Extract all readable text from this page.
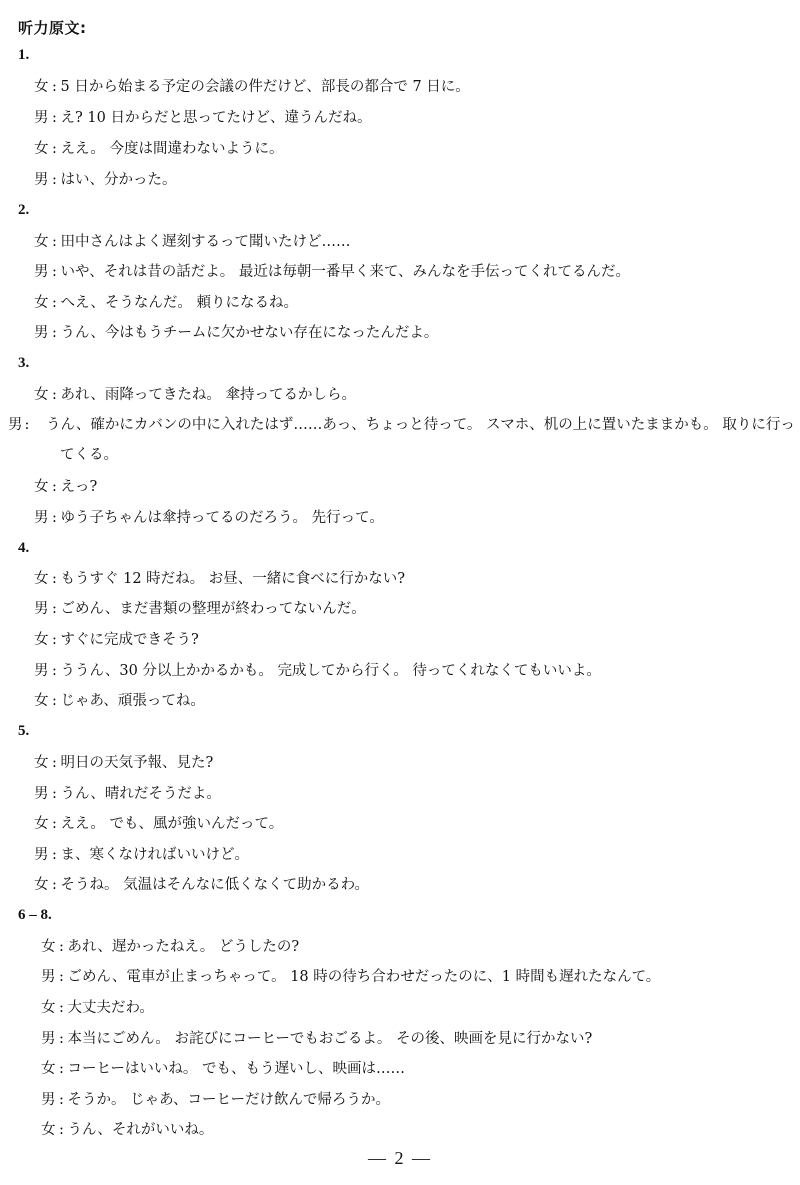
听力原文:
1.
女 : 5 日から始まる予定の会議の件だけど、部長の都合で 7 日に。
男 : え? 10 日からだと思ってたけど、違うんだね。
女 : ええ。 今度は間違わないように。
男 : はい、分かった。
2.
女 : 田中さんはよく遅刻するって聞いたけど……
男 : いや、それは昔の話だよ。 最近は毎朝一番早く来て、みんなを手伝ってくれてるんだ。
女 : へえ、そうなんだ。 頼りになるね。
男 : うん、今はもうチームに欠かせない存在になったんだよ。
3.
女 : あれ、雨降ってきたね。 傘持ってるかしら。
男 : うん、確かにカバンの中に入れたはず……あっ、ちょっと待って。 スマホ、机の上に置いたままかも。 取りに行ってくる。
女 : えっ?
男 : ゆう子ちゃんは傘持ってるのだろう。 先行って。
4.
女 : もうすぐ 12 時だね。 お昼、一緒に食べに行かない?
男 : ごめん、まだ書類の整理が終わってないんだ。
女 : すぐに完成できそう?
男 : ううん、30 分以上かかるかも。 完成してから行く。 待ってくれなくてもいいよ。
女 : じゃあ、頑張ってね。
5.
女 : 明日の天気予報、見た?
男 : うん、晴れだそうだよ。
女 : ええ。 でも、風が強いんだって。
男 : ま、寒くなければいいけど。
女 : そうね。 気温はそんなに低くなくて助かるわ。
6 – 8.
女 : あれ、遅かったねえ。 どうしたの?
男 : ごめん、電車が止まっちゃって。 18 時の待ち合わせだったのに、1 時間も遅れたなんて。
女 : 大丈夫だわ。
男 : 本当にごめん。 お詫びにコーヒーでもおごるよ。 その後、映画を見に行かない?
女 : コーヒーはいいね。 でも、もう遅いし、映画は……
男 : そうか。 じゃあ、コーヒーだけ飲んで帰ろうか。
女 : うん、それがいいね。
— 2 —
